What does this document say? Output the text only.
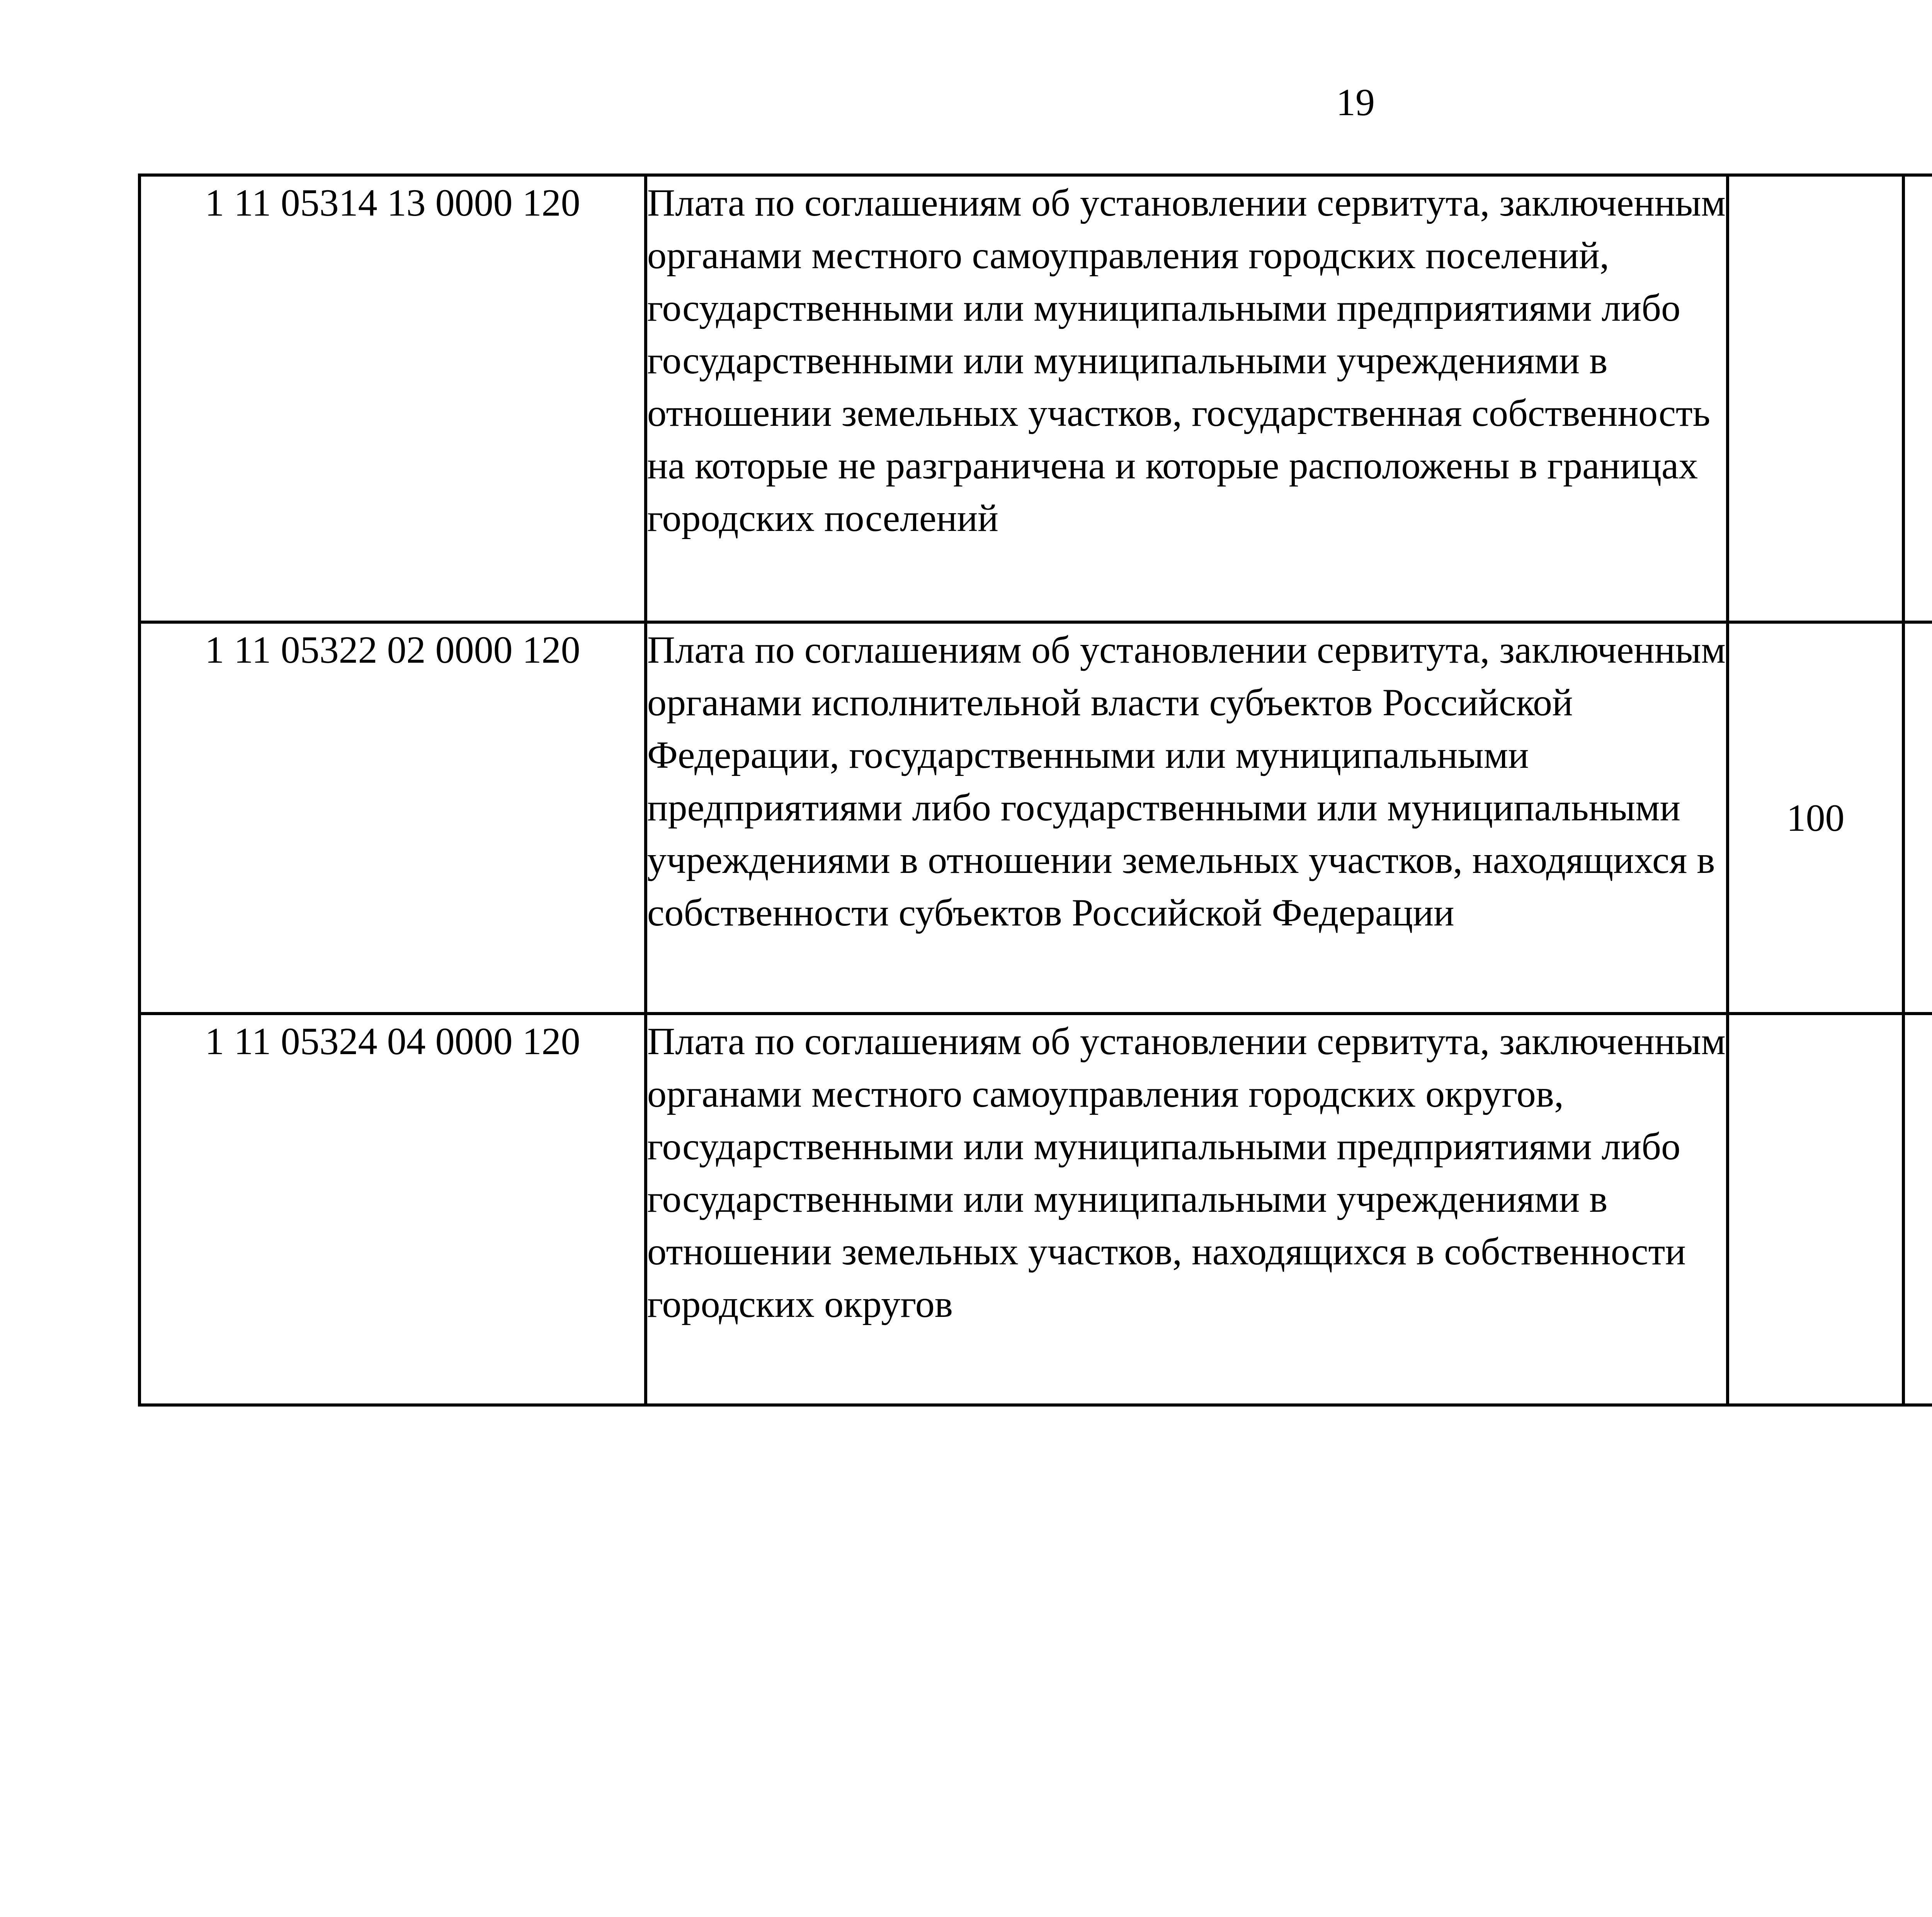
19
1 11 05314 13 0000 120	Плата по соглашениям об установлении сервитута, заключенным органами местного самоуправления городских поселений, государственными или муниципальными предприятиями либо государственными или муниципальными учреждениями в отношении земельных участков, государственная собственность на которые не разграничена и которые расположены в границах городских поселений					
1 11 05322 02 0000 120	Плата по соглашениям об установлении сервитута, заключенным органами исполнительной власти субъектов Российской Федерации, государственными или муниципальными предприятиями либо государственными или муниципальными учреждениями в отношении земельных участков, находящихся в собственности субъектов Российской Федерации	100				
1 11 05324 04 0000 120	Плата по соглашениям об установлении сервитута, заключенным органами местного самоуправления городских округов, государственными или муниципальными предприятиями либо государственными или муниципальными учреждениями в отношении земельных участков, находящихся в собственности городских округов					
